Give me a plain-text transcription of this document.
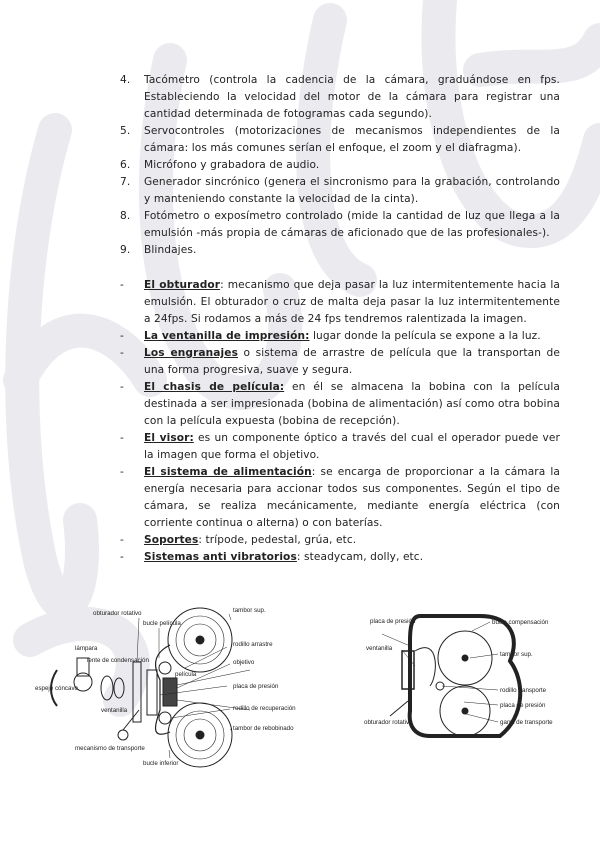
4.	Tacómetro (controla la cadencia de la cámara, graduándose en fps. Estableciendo la velocidad del motor de la cámara para registrar una cantidad determinada de fotogramas cada segundo).
5.	Servocontroles (motorizaciones de mecanismos independientes de la cámara: los más comunes serían el enfoque, el zoom y el diafragma).
6.	Micrófono y grabadora de audio.
7.	Generador sincrónico (genera el sincronismo para la grabación, controlando y manteniendo constante la velocidad de la cinta).
8.	Fotómetro o exposímetro controlado (mide la cantidad de luz que llega a la emulsión -más propia de cámaras de aficionado que de las profesionales-).
9.	Blindajes.
-	El obturador: mecanismo que deja pasar la luz intermitentemente hacia la emulsión. El obturador o cruz de malta deja pasar la luz intermitentemente a 24fps. Si rodamos a más de 24 fps tendremos ralentizada la imagen.
-	La ventanilla de impresión: lugar donde la película se expone a la luz.
-	Los engranajes o sistema de arrastre de película que la transportan de una forma progresiva, suave y segura.
-	El chasis de película: en él se almacena la bobina con la película destinada a ser impresionada (bobina de alimentación) así como otra bobina con la película expuesta (bobina de recepción).
-	El visor: es un componente óptico a través del cual el operador puede ver la imagen que forma el objetivo.
-	El sistema de alimentación: se encarga de proporcionar a la cámara la energía necesaria para accionar todos sus componentes. Según el tipo de cámara, se realiza mecánicamente, mediante energía eléctrica (con corriente continua o alterna) o con baterías.
-	Soportes: trípode, pedestal, grúa, etc.
-	Sistemas anti vibratorios: steadycam, dolly, etc.
obturador rotativo
bucle película
tambor sup.
rodillo arrastre
lámpara
lente de condensación	objetivo
espejo cóncavo
película
placa de presión
ventanilla	rodillo de recuperación
mecanismo de transporte
tambor de rebobinado
bucle inferior
placa de presión	bucle compensación
ventanilla
tambor sup.
rodillo transporte
placa de presión
obturador rotativo	garra de transporte
